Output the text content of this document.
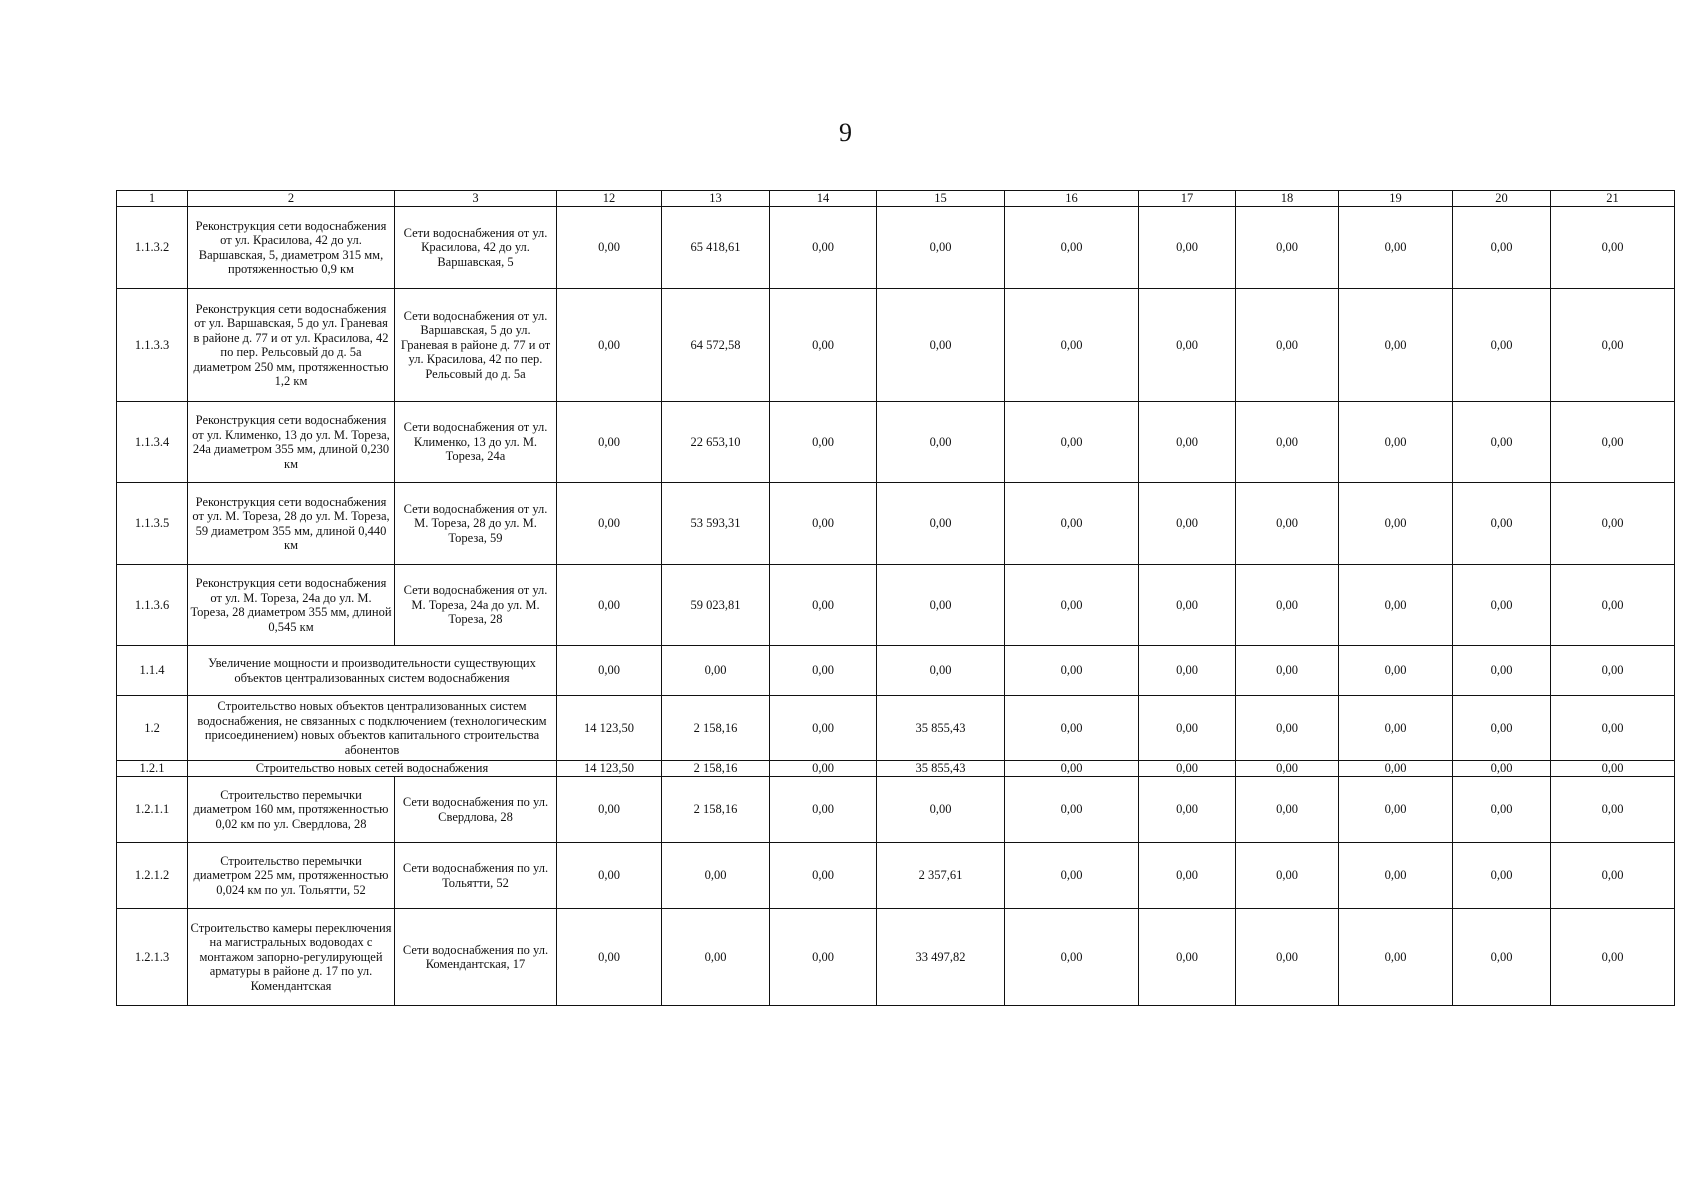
9
1	2	3	12	13	14	15	16	17	18	19	20	21
1.1.3.2	Реконструкция сети водоснабжения от ул. Красилова, 42 до ул. Варшавская, 5, диаметром 315 мм, протяженностью 0,9 км	Сети водоснабжения от ул. Красилова, 42 до ул. Варшавская, 5	0,00	65 418,61	0,00	0,00	0,00	0,00	0,00	0,00	0,00	0,00
1.1.3.3	Реконструкция сети водоснабжения от ул. Варшавская, 5 до ул. Граневая в районе д. 77 и от ул. Красилова, 42 по пер. Рельсовый до д. 5а диаметром 250 мм, протяженностью 1,2 км	Сети водоснабжения от ул. Варшавская, 5 до ул. Граневая в районе д. 77 и от ул. Красилова, 42 по пер. Рельсовый до д. 5а	0,00	64 572,58	0,00	0,00	0,00	0,00	0,00	0,00	0,00	0,00
1.1.3.4	Реконструкция сети водоснабжения от ул. Клименко, 13 до ул. М. Тореза, 24а диаметром 355 мм, длиной 0,230 км	Сети водоснабжения от ул. Клименко, 13 до ул. М. Тореза, 24а	0,00	22 653,10	0,00	0,00	0,00	0,00	0,00	0,00	0,00	0,00
1.1.3.5	Реконструкция сети водоснабжения от ул. М. Тореза, 28 до ул. М. Тореза, 59 диаметром 355 мм, длиной 0,440 км	Сети водоснабжения от ул. М. Тореза, 28 до ул. М. Тореза, 59	0,00	53 593,31	0,00	0,00	0,00	0,00	0,00	0,00	0,00	0,00
1.1.3.6	Реконструкция сети водоснабжения от ул. М. Тореза, 24а до ул. М. Тореза, 28 диаметром 355 мм, длиной 0,545 км	Сети водоснабжения от ул. М. Тореза, 24а до ул. М. Тореза, 28	0,00	59 023,81	0,00	0,00	0,00	0,00	0,00	0,00	0,00	0,00
1.1.4	Увеличение мощности и производительности существующих объектов централизованных систем водоснабжения		0,00	0,00	0,00	0,00	0,00	0,00	0,00	0,00	0,00	0,00
1.2	Строительство новых объектов централизованных систем водоснабжения, не связанных с подключением (технологическим присоединением) новых объектов капитального строительства абонентов		14 123,50	2 158,16	0,00	35 855,43	0,00	0,00	0,00	0,00	0,00	0,00
1.2.1	Строительство новых сетей водоснабжения		14 123,50	2 158,16	0,00	35 855,43	0,00	0,00	0,00	0,00	0,00	0,00
1.2.1.1	Строительство перемычки диаметром 160 мм, протяженностью 0,02 км по ул. Свердлова, 28	Сети водоснабжения по ул. Свердлова, 28	0,00	2 158,16	0,00	0,00	0,00	0,00	0,00	0,00	0,00	0,00
1.2.1.2	Строительство перемычки диаметром 225 мм, протяженностью 0,024 км по ул. Тольятти, 52	Сети водоснабжения по ул. Тольятти, 52	0,00	0,00	0,00	2 357,61	0,00	0,00	0,00	0,00	0,00	0,00
1.2.1.3	Строительство камеры переключения на магистральных водоводах с монтажом запорно-регулирующей арматуры в районе д. 17 по ул. Комендантская	Сети водоснабжения по ул. Комендантская, 17	0,00	0,00	0,00	33 497,82	0,00	0,00	0,00	0,00	0,00	0,00
